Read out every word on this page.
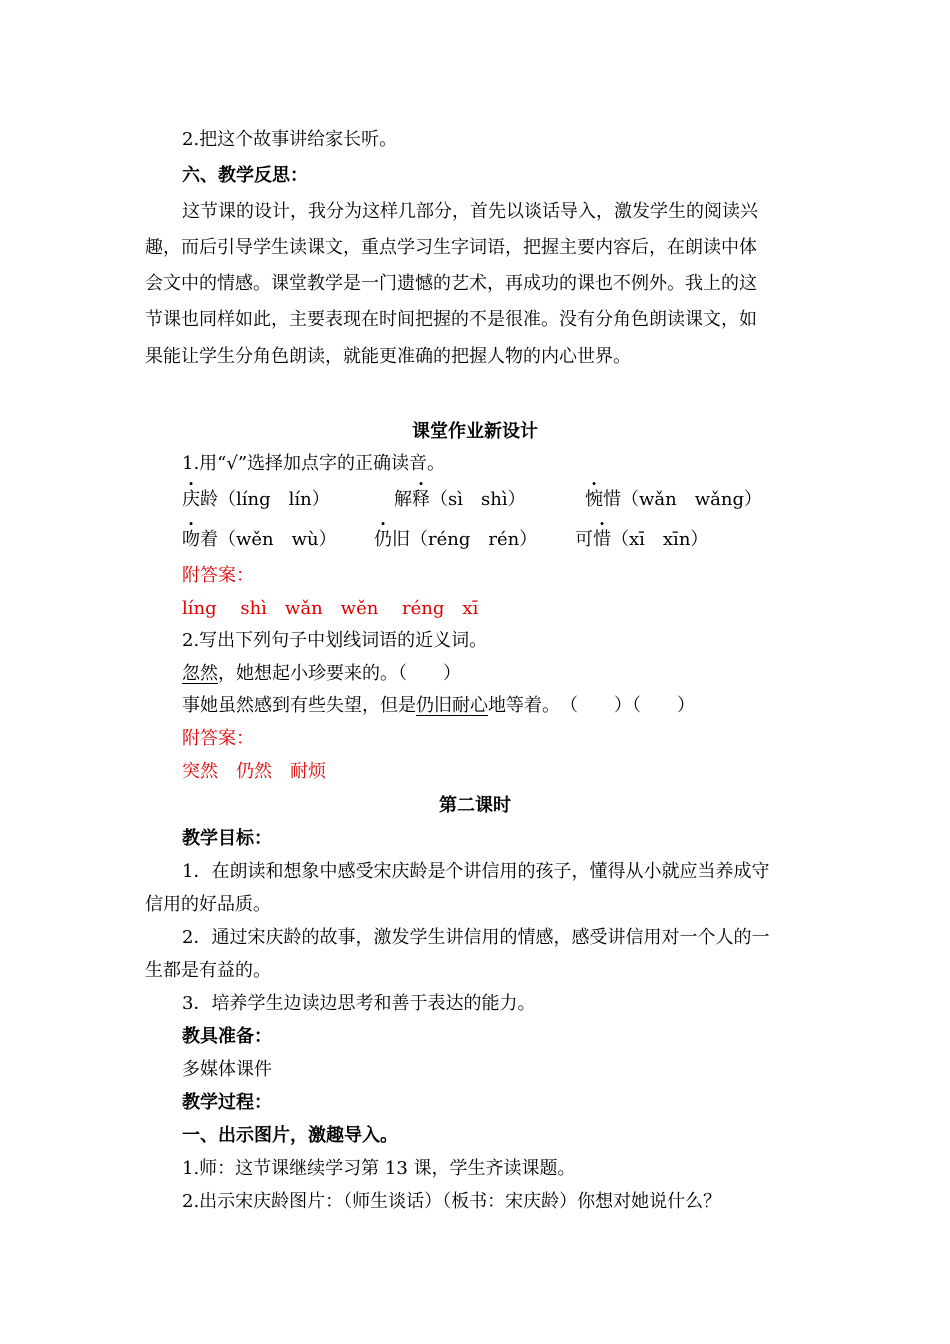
2.把这个故事讲给家长听。
六、教学反思：
这节课的设计，我分为这样几部分，首先以谈话导入，激发学生的阅读兴
趣，而后引导学生读课文，重点学习生字词语，把握主要内容后，在朗读中体
会文中的情感。课堂教学是一门遗憾的艺术，再成功的课也不例外。我上的这
节课也同样如此，主要表现在时间把握的不是很准。没有分角色朗读课文，如
果能让学生分角色朗读，就能更准确的把握人物的内心世界。
课堂作业新设计
1.用“√”选择加点字的正确读音。
庆龄（líng　lín）	解释（sì　shì）	惋惜（wǎn　wǎng）
吻着（wěn　wù） 仍旧（réng　rén） 可惜（xī　xīn）
附答案：
líng　 shì　wǎn　wěn　 réng　xī
2.写出下列句子中划线词语的近义词。
忽然，她想起小珍要来的。（　　）
事她虽然感到有些失望，但是仍旧耐心地等着。　（　　）（　　）
附答案：
突然　仍然　耐烦
第二课时
教学目标：
1．在朗读和想象中感受宋庆龄是个讲信用的孩子，懂得从小就应当养成守
信用的好品质。
2．通过宋庆龄的故事，激发学生讲信用的情感，感受讲信用对一个人的一
生都是有益的。
3．培养学生边读边思考和善于表达的能力。
教具准备：
多媒体课件
教学过程：
一、出示图片，激趣导入。
1.师：这节课继续学习第 13 课，学生齐读课题。
2.出示宋庆龄图片：（师生谈话）（板书：宋庆龄）你想对她说什么？
